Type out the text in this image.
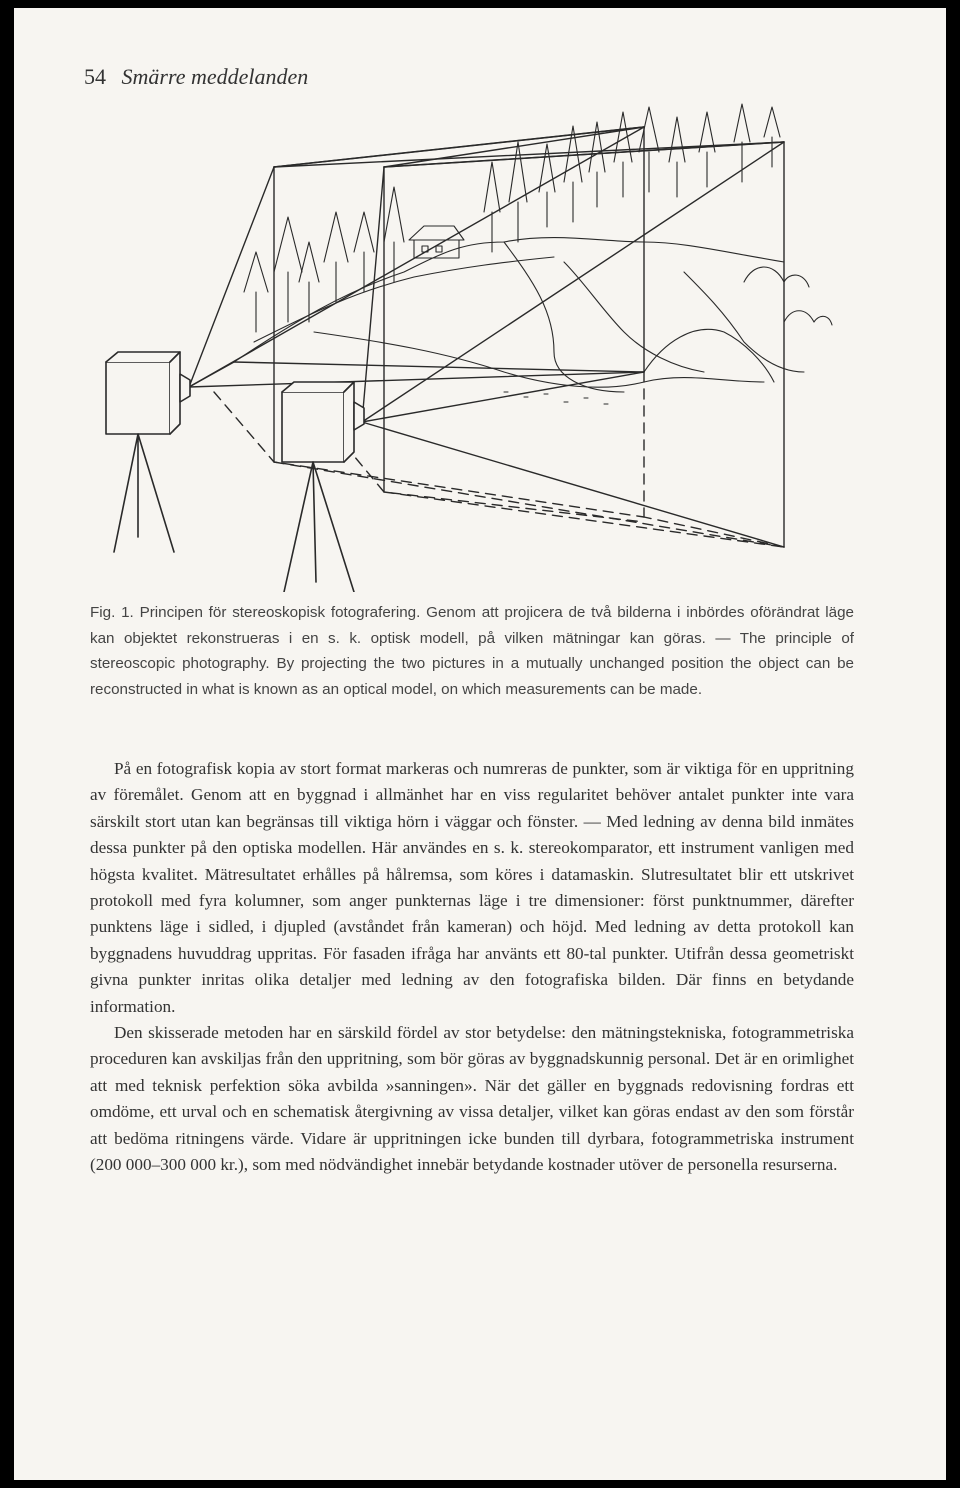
54 Smärre meddelanden

Fig. 1. Principen för stereoskopisk fotografering. Genom att projicera de två bilderna i inbördes oförändrat läge kan objektet rekonstrueras i en s. k. optisk modell, på vilken mätningar kan göras. — The principle of stereoscopic photography. By projecting the two pictures in a mutually unchanged position the object can be reconstructed in what is known as an optical model, on which measurements can be made.

På en fotografisk kopia av stort format markeras och numreras de punkter, som är viktiga för en uppritning av föremålet. Genom att en byggnad i allmänhet har en viss regularitet behöver antalet punkter inte vara särskilt stort utan kan begränsas till viktiga hörn i väggar och fönster. — Med ledning av denna bild inmätes dessa punkter på den optiska modellen. Här användes en s. k. stereokomparator, ett instrument vanligen med högsta kvalitet. Mätresultatet erhålles på hålremsa, som köres i datamaskin. Slutresultatet blir ett utskrivet protokoll med fyra kolumner, som anger punkternas läge i tre dimensioner: först punktnummer, därefter punktens läge i sidled, i djupled (avståndet från kameran) och höjd. Med ledning av detta protokoll kan byggnadens huvuddrag uppritas. För fasaden ifråga har använts ett 80-tal punkter. Utifrån dessa geometriskt givna punkter inritas olika detaljer med ledning av den fotografiska bilden. Där finns en betydande information.

Den skisserade metoden har en särskild fördel av stor betydelse: den mätningstekniska, fotogrammetriska proceduren kan avskiljas från den uppritning, som bör göras av byggnadskunnig personal. Det är en orimlighet att med teknisk perfektion söka avbilda »sanningen». När det gäller en byggnads redovisning fordras ett omdöme, ett urval och en schematisk återgivning av vissa detaljer, vilket kan göras endast av den som förstår att bedöma ritningens värde. Vidare är uppritningen icke bunden till dyrbara, fotogrammetriska instrument (200 000–300 000 kr.), som med nödvändighet innebär betydande kostnader utöver de personella resurserna.
